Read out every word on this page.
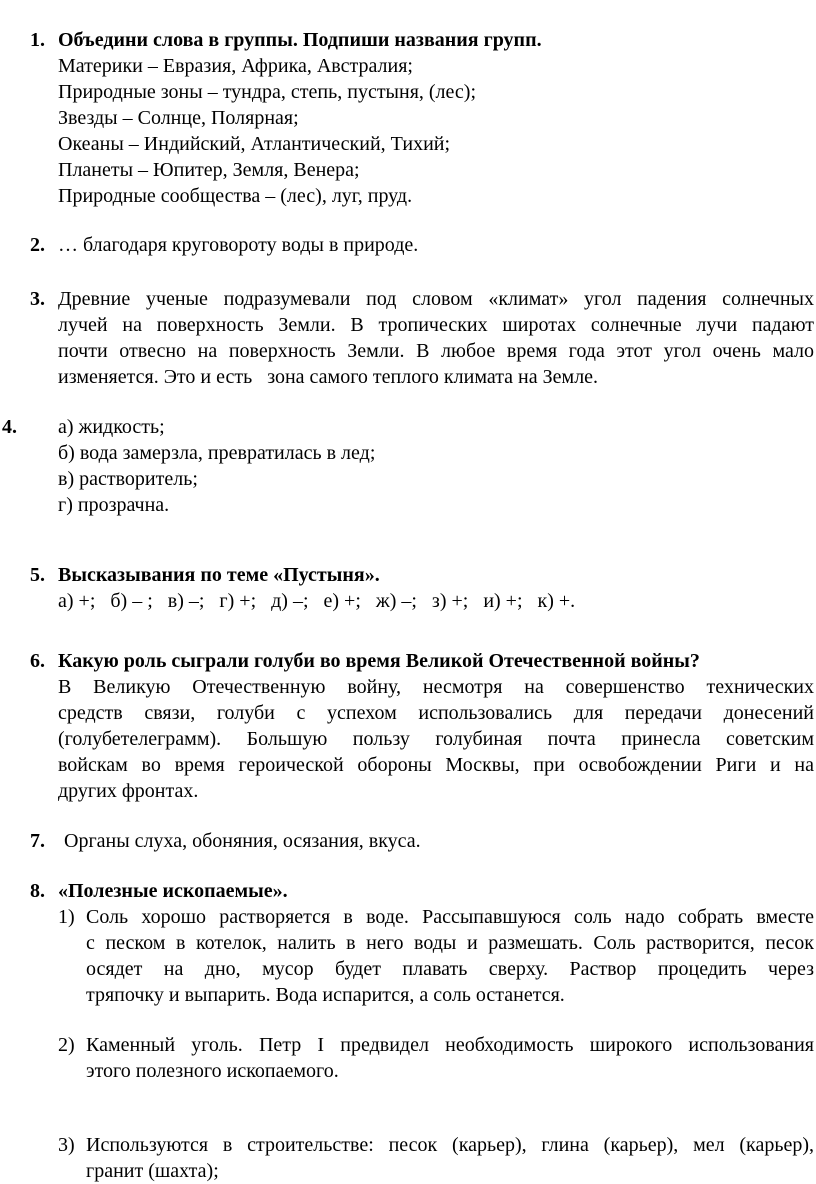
1. Объедини слова в группы. Подпиши названия групп.
Материки – Евразия, Африка, Австралия;
Природные зоны – тундра, степь, пустыня, (лес);
Звезды – Солнце, Полярная;
Океаны – Индийский, Атлантический, Тихий;
Планеты – Юпитер, Земля, Венера;
Природные сообщества – (лес), луг, пруд.
2. … благодаря круговороту воды в природе.
3. Древние ученые подразумевали под словом «климат» угол падения солнечных
лучей на поверхность Земли. В тропических широтах солнечные лучи падают
почти отвесно на поверхность Земли. В любое время года этот угол очень мало
изменяется. Это и есть   зона самого теплого климата на Земле.
4. а) жидкость;
б) вода замерзла, превратилась в лед;
в) растворитель;
г) прозрачна.
5. Высказывания по теме «Пустыня».
а) +;   б) – ;   в) –;   г) +;   д) –;   е) +;   ж) –;   з) +;   и) +;   к) +.
6. Какую роль сыграли голуби во время Великой Отечественной войны?
В Великую Отечественную войну, несмотря на совершенство технических
средств связи, голуби с успехом использовались для передачи донесений
(голубетелеграмм). Большую пользу голубиная почта принесла советским
войскам во время героической обороны Москвы, при освобождении Риги и на
других фронтах.
7. Органы слуха, обоняния, осязания, вкуса.
8. «Полезные ископаемые».
1) Соль хорошо растворяется в воде. Рассыпавшуюся соль надо собрать вместе
с песком в котелок, налить в него воды и размешать. Соль растворится, песок
осядет на дно, мусор будет плавать сверху. Раствор процедить через
тряпочку и выпарить. Вода испарится, а соль останется.
2) Каменный уголь. Петр I предвидел необходимость широкого использования
этого полезного ископаемого.
3) Используются в строительстве: песок (карьер), глина (карьер), мел (карьер),
гранит (шахта);
